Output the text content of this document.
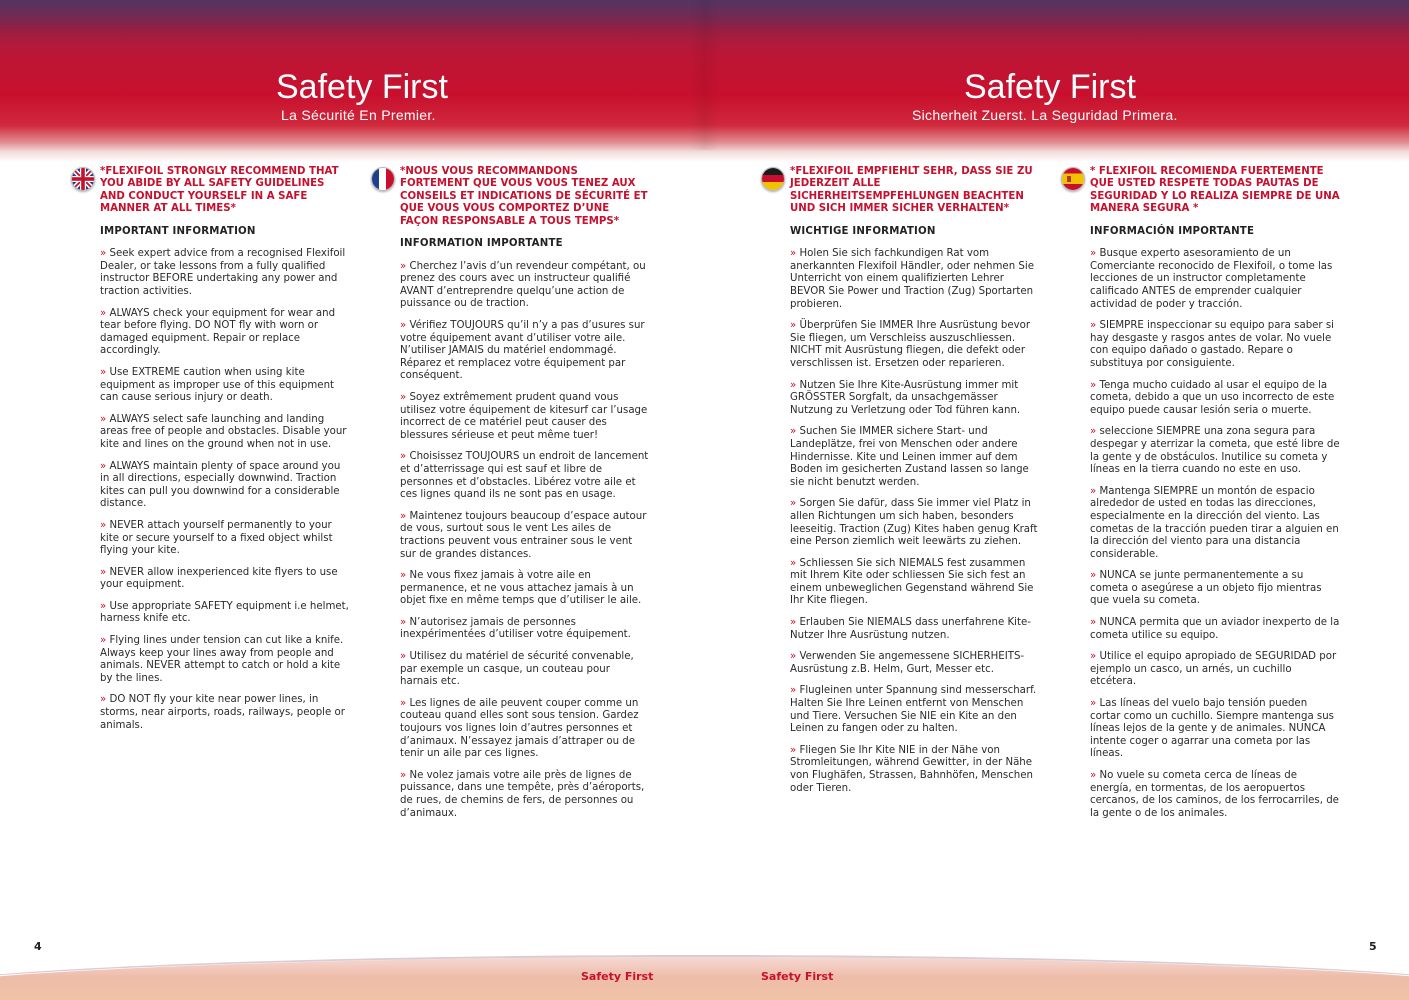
Safety First
La Sécurité En Premier.
Safety First
Sicherheit Zuerst. La Seguridad Primera.
*FLEXIFOIL STRONGLY RECOMMEND THAT YOU ABIDE BY ALL SAFETY GUIDELINES AND CONDUCT YOURSELF IN A SAFE MANNER AT ALL TIMES*
IMPORTANT INFORMATION
» Seek expert advice from a recognised Flexifoil Dealer, or take lessons from a fully qualified instructor BEFORE undertaking any power and traction activities.
» ALWAYS check your equipment for wear and tear before flying. DO NOT fly with worn or damaged equipment. Repair or replace accordingly.
» Use EXTREME caution when using kite equipment as improper use of this equipment can cause serious injury or death.
» ALWAYS select safe launching and landing areas free of people and obstacles. Disable your kite and lines on the ground when not in use.
» ALWAYS maintain plenty of space around you in all directions, especially downwind. Traction kites can pull you downwind for a considerable distance.
» NEVER attach yourself permanently to your kite or secure yourself to a fixed object whilst flying your kite.
» NEVER allow inexperienced kite flyers to use your equipment.
» Use appropriate SAFETY equipment i.e helmet, harness knife etc.
» Flying lines under tension can cut like a knife. Always keep your lines away from people and animals. NEVER attempt to catch or hold a kite by the lines.
» DO NOT fly your kite near power lines, in storms, near airports, roads, railways, people or animals.
*NOUS VOUS RECOMMANDONS FORTEMENT QUE VOUS VOUS TENEZ AUX CONSEILS ET INDICATIONS DE SÉCURITÉ ET QUE VOUS VOUS COMPORTEZ D’UNE FAÇON RESPONSABLE A TOUS TEMPS*
INFORMATION IMPORTANTE
» Cherchez l’avis d’un revendeur compétant, ou prenez des cours avec un instructeur qualifié AVANT d’entreprendre quelqu’une action de puissance ou de traction.
» Vérifiez TOUJOURS qu’il n’y a pas d’usures sur votre équipement avant d’utiliser votre aile. N’utiliser JAMAIS du matériel endommagé. Réparez et remplacez votre équipement par conséquent.
» Soyez extrêmement prudent quand vous utilisez votre équipement de kitesurf car l’usage incorrect de ce matériel peut causer des blessures sérieuse et peut même tuer!
» Choisissez TOUJOURS un endroit de lancement et d’atterrissage qui est sauf et libre de personnes et d’obstacles. Libérez votre aile et ces lignes quand ils ne sont pas en usage.
» Maintenez toujours beaucoup d’espace autour de vous, surtout sous le vent Les ailes de tractions peuvent vous entrainer sous le vent sur de grandes distances.
» Ne vous fixez jamais à votre aile en permanence, et ne vous attachez jamais à un objet fixe en même temps que d’utiliser le aile.
» N’autorisez jamais de personnes inexpérimentées d’utiliser votre équipement.
» Utilisez du matériel de sécurité convenable, par exemple un casque, un couteau pour harnais etc.
» Les lignes de aile peuvent couper comme un couteau quand elles sont sous tension. Gardez toujours vos lignes loin d’autres personnes et d’animaux. N’essayez jamais d’attraper ou de tenir un aile par ces lignes.
» Ne volez jamais votre aile près de lignes de puissance, dans une tempête, près d’aéroports, de rues, de chemins de fers, de personnes ou d’animaux.
*FLEXIFOIL EMPFIEHLT SEHR, DASS SIE ZU JEDERZEIT ALLE SICHERHEITSEMPFEHLUNGEN BEACHTEN UND SICH IMMER SICHER VERHALTEN*
WICHTIGE INFORMATION
» Holen Sie sich fachkundigen Rat vom anerkannten Flexifoil Händler, oder nehmen Sie Unterricht von einem qualifizierten Lehrer BEVOR Sie Power und Traction (Zug) Sportarten probieren.
» Überprüfen Sie IMMER Ihre Ausrüstung bevor Sie fliegen, um Verschleiss auszuschliessen. NICHT mit Ausrüstung fliegen, die defekt oder verschlissen ist. Ersetzen oder reparieren.
» Nutzen Sie Ihre Kite-Ausrüstung immer mit GRÖSSTER Sorgfalt, da unsachgemässer Nutzung zu Verletzung oder Tod führen kann.
» Suchen Sie IMMER sichere Start- und Landeplätze, frei von Menschen oder andere Hindernisse. Kite und Leinen immer auf dem Boden im gesicherten Zustand lassen so lange sie nicht benutzt werden.
» Sorgen Sie dafür, dass Sie immer viel Platz in allen Richtungen um sich haben, besonders leeseitig. Traction (Zug) Kites haben genug Kraft eine Person ziemlich weit leewärts zu ziehen.
» Schliessen Sie sich NIEMALS fest zusammen mit Ihrem Kite oder schliessen Sie sich fest an einem unbeweglichen Gegenstand während Sie Ihr Kite fliegen.
» Erlauben Sie NIEMALS dass unerfahrene Kite-Nutzer Ihre Ausrüstung nutzen.
» Verwenden Sie angemessene SICHERHEITS-Ausrüstung z.B. Helm, Gurt, Messer etc.
» Flugleinen unter Spannung sind messerscharf. Halten Sie Ihre Leinen entfernt von Menschen und Tiere. Versuchen Sie NIE ein Kite an den Leinen zu fangen oder zu halten.
» Fliegen Sie Ihr Kite NIE in der Nähe von Stromleitungen, während Gewitter, in der Nähe von Flughäfen, Strassen, Bahnhöfen, Menschen oder Tieren.
* FLEXIFOIL RECOMIENDA FUERTEMENTE QUE USTED RESPETE TODAS PAUTAS DE SEGURIDAD Y LO REALIZA SIEMPRE DE UNA MANERA SEGURA *
INFORMACIÓN IMPORTANTE
» Busque experto asesoramiento de un Comerciante reconocido de Flexifoil, o tome las lecciones de un instructor completamente calificado ANTES de emprender cualquier actividad de poder y tracción.
» SIEMPRE inspeccionar su equipo para saber si hay desgaste y rasgos antes de volar. No vuele con equipo dañado o gastado. Repare o substituya por consiguiente.
» Tenga mucho cuidado al usar el equipo de la cometa, debido a que un uso incorrecto de este equipo puede causar lesión seria o muerte.
» seleccione SIEMPRE una zona segura para despegar y aterrizar la cometa, que esté libre de la gente y de obstáculos. Inutilice su cometa y líneas en la tierra cuando no este en uso.
» Mantenga SIEMPRE un montón de espacio alrededor de usted en todas las direcciones, especialmente en la dirección del viento. Las cometas de la tracción pueden tirar a alguien en la dirección del viento para una distancia considerable.
» NUNCA se junte permanentemente a su cometa o asegúrese a un objeto fijo mientras que vuela su cometa.
» NUNCA permita que un aviador inexperto de la cometa utilice su equipo.
» Utilice el equipo apropiado de SEGURIDAD por ejemplo un casco, un arnés, un cuchillo etcétera.
» Las líneas del vuelo bajo tensión pueden cortar como un cuchillo. Siempre mantenga sus líneas lejos de la gente y de animales. NUNCA intente coger o agarrar una cometa por las líneas.
» No vuele su cometa cerca de líneas de energía, en tormentas, de los aeropuertos cercanos, de los caminos, de los ferrocarriles, de la gente o de los animales.
4	5
Safety First	Safety First
